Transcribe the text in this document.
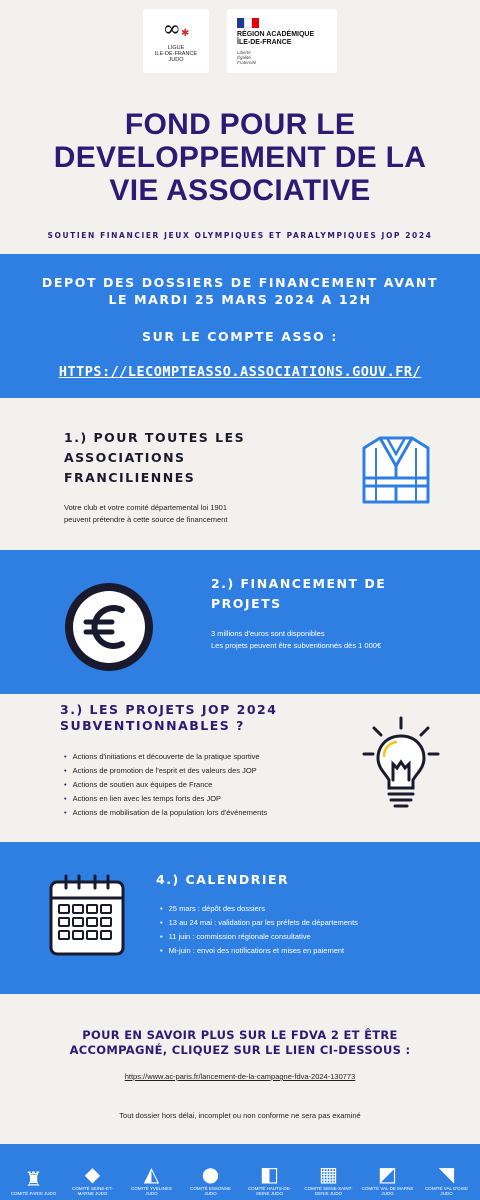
∞✱
LIGUE
ILE-DE-FRANCE
JUDO
RÉGION ACADÉMIQUE
ÎLE-DE-FRANCE
Liberté
Égalité
Fraternité
FOND POUR LE
DEVELOPPEMENT DE LA
VIE ASSOCIATIVE
SOUTIEN FINANCIER JEUX OLYMPIQUES ET PARALYMPIQUES JOP 2024
DEPOT DES DOSSIERS DE FINANCEMENT AVANT
LE MARDI 25 MARS 2024 A 12H
SUR LE COMPTE ASSO :
HTTPS://LECOMPTEASSO.ASSOCIATIONS.GOUV.FR/
1.) POUR TOUTES LES
ASSOCIATIONS
FRANCILIENNES
Votre club et votre comité départemental loi 1901
peuvent prétendre à cette source de financement
2.) FINANCEMENT DE
PROJETS
3 millions d'euros sont disponibles
Les projets peuvent être subventionnés dès 1 000€
3.) LES PROJETS JOP 2024
SUBVENTIONNABLES ?
• Actions d'initiations et découverte de la pratique sportive
• Actions de promotion de l'esprit et des valeurs des JOP
• Actions de soutien aux équipes de France
• Actions en lien avec les temps forts des JOP
• Actions de mobilisation de la population lors d'événements
4.) CALENDRIER
• 25 mars : dépôt des dossiers
• 13 au 24 mai : validation par les préfets de départements
• 11 juin : commission régionale consultative
• Mi-juin : envoi des notifications et mises en paiement
POUR EN SAVOIR PLUS SUR LE FDVA 2 ET ÊTRE
ACCOMPAGNÉ, CLIQUEZ SUR LE LIEN CI-DESSOUS :
https://www.ac-paris.fr/lancement-de-la-campagne-fdva-2024-130773
Tout dossier hors délai, incomplet ou non conforme ne sera pas examiné
♜
COMITÉ PARIS JUDO
◆
COMITÉ SEINE-ET-MARNE JUDO
◭
COMITÉ YVELINES JUDO
●
COMITÉ ESSONNE JUDO
◧
COMITÉ HAUTS-DE-SEINE JUDO
▦
COMITÉ SEINE-SAINT-DENIS JUDO
◩
COMITÉ VAL DE MARNE JUDO
◥
COMITÉ VAL D'OISE JUDO
